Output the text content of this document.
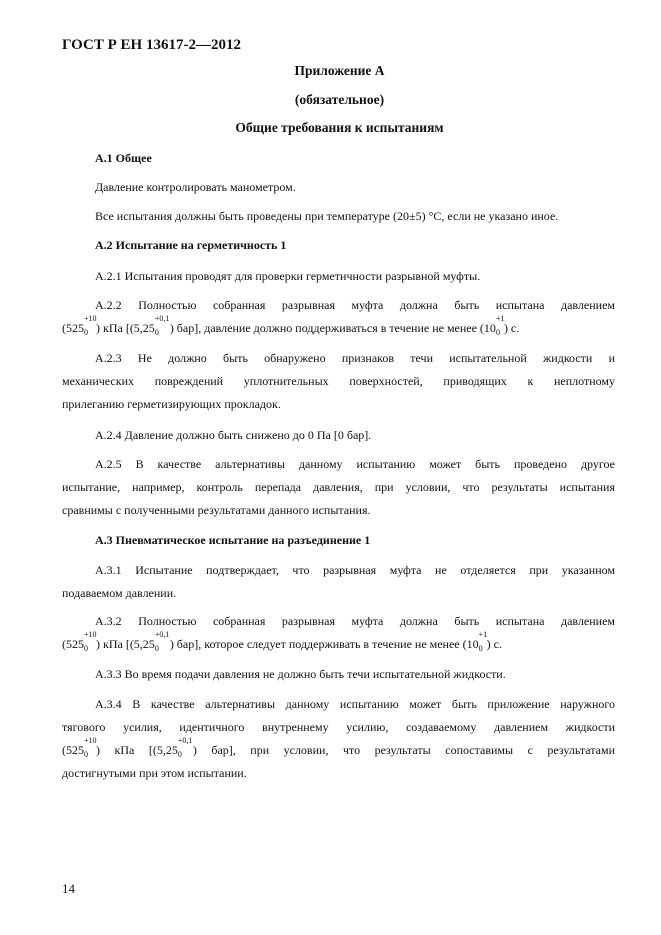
ГОСТ Р ЕН 13617-2—2012
Приложение А
(обязательное)
Общие требования к испытаниям
А.1 Общее
Давление контролировать манометром.
Все испытания должны быть проведены при температуре (20±5) °С, если не указано иное.
А.2 Испытание на герметичность 1
А.2.1 Испытания проводят для проверки герметичности разрывной муфты.
А.2.2 Полностью собранная разрывная муфта должна быть испытана давлением
(525
+10
0 ) кПа [(5,25
+0,1
0 ) бар], давление должно поддерживаться в течение не менее (10
+1
0 ) с.
А.2.3 Не должно быть обнаружено признаков течи испытательной жидкости и
механических повреждений уплотнительных поверхностей, приводящих к неплотному
прилеганию герметизирующих прокладок.
А.2.4 Давление должно быть снижено до 0 Па [0 бар].
А.2.5 В качестве альтернативы данному испытанию может быть проведено другое
испытание, например, контроль перепада давления, при условии, что результаты испытания
сравнимы с полученными результатами данного испытания.
А.3 Пневматическое испытание на разъединение 1
А.3.1 Испытание подтверждает, что разрывная муфта не отделяется при указанном
подаваемом давлении.
А.3.2 Полностью собранная разрывная муфта должна быть испытана давлением
(525
+10
0 ) кПа [(5,25
+0,1
0 ) бар], которое следует поддерживать в течение не менее (10
+1
0 ) с.
А.3.3 Во время подачи давления не должно быть течи испытательной жидкости.
А.3.4 В качестве альтернативы данному испытанию может быть приложение наружного
тягового усилия, идентичного внутреннему усилию, создаваемому давлением жидкости
(525
+10
0 ) кПа [(5,25
+0,1
0 ) бар], при условии, что результаты сопоставимы с результатами
достигнутыми при этом испытании.
14
